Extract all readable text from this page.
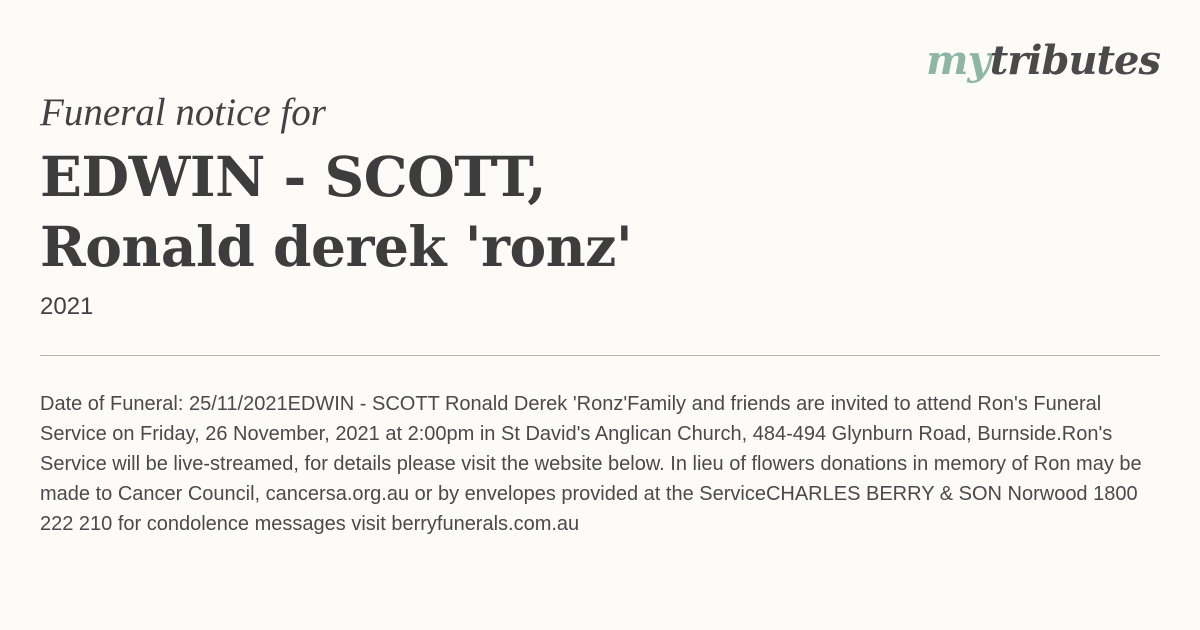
mytributes
Funeral notice for
EDWIN - SCOTT,
Ronald derek 'ronz'
2021

Date of Funeral: 25/11/2021EDWIN - SCOTT Ronald Derek 'Ronz'Family and friends are invited to attend Ron's Funeral Service on Friday, 26 November, 2021 at 2:00pm in St David's Anglican Church, 484-494 Glynburn Road, Burnside.Ron's Service will be live-streamed, for details please visit the website below. In lieu of flowers donations in memory of Ron may be made to Cancer Council, cancersa.org.au or by envelopes provided at the ServiceCHARLES BERRY & SON Norwood 1800 222 210 for condolence messages visit berryfunerals.com.au
